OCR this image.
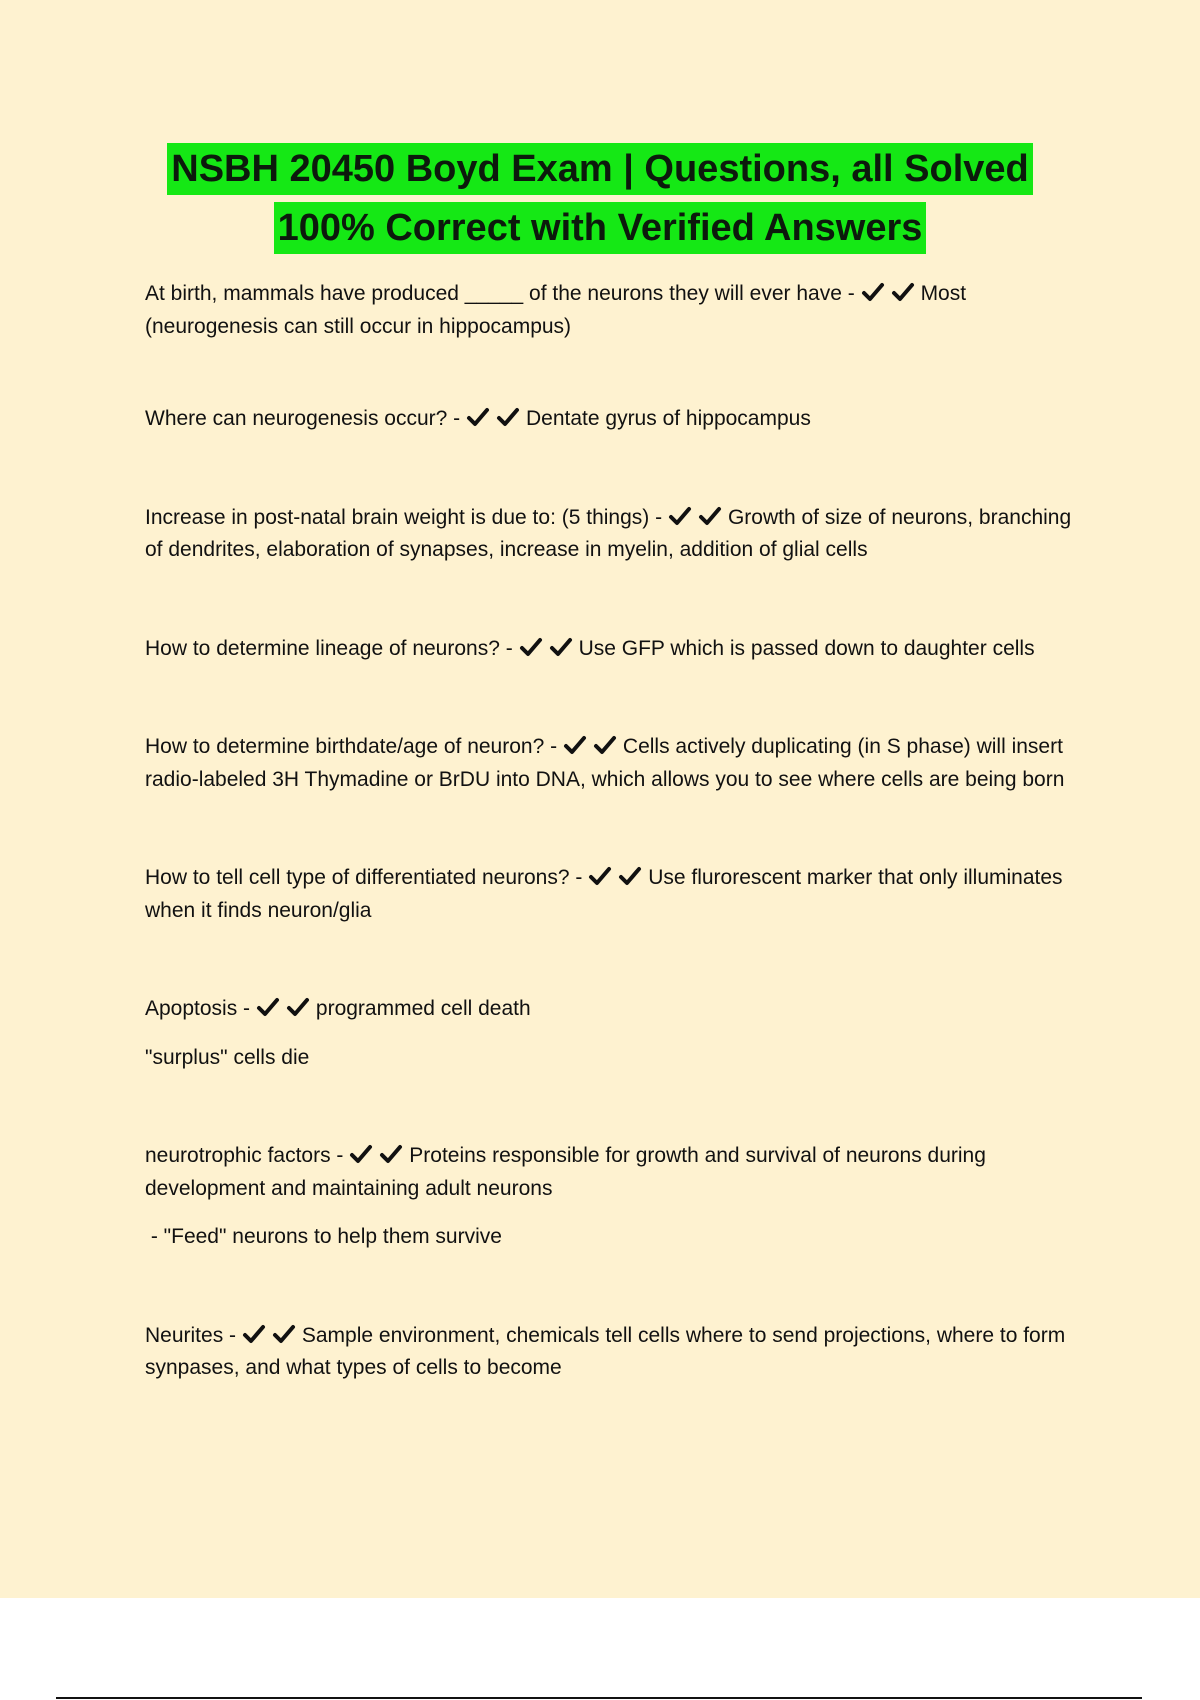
NSBH 20450 Boyd Exam | Questions, all Solved
100% Correct with Verified Answers
At birth, mammals have produced _____ of the neurons they will ever have -	Most (neurogenesis can still occur in hippocampus)
Where can neurogenesis occur? -	Dentate gyrus of hippocampus
Increase in post-natal brain weight is due to: (5 things) -	Growth of size of neurons, branching of dendrites, elaboration of synapses, increase in myelin, addition of glial cells
How to determine lineage of neurons? -	Use GFP which is passed down to daughter cells
How to determine birthdate/age of neuron? -	Cells actively duplicating (in S phase) will insert radio-labeled 3H Thymadine or BrDU into DNA, which allows you to see where cells are being born
How to tell cell type of differentiated neurons? -	Use flurorescent marker that only illuminates when it finds neuron/glia
Apoptosis -	programmed cell death
"surplus" cells die
neurotrophic factors -	Proteins responsible for growth and survival of neurons during development and maintaining adult neurons
- "Feed" neurons to help them survive
Neurites -	Sample environment, chemicals tell cells where to send projections, where to form synpases, and what types of cells to become
